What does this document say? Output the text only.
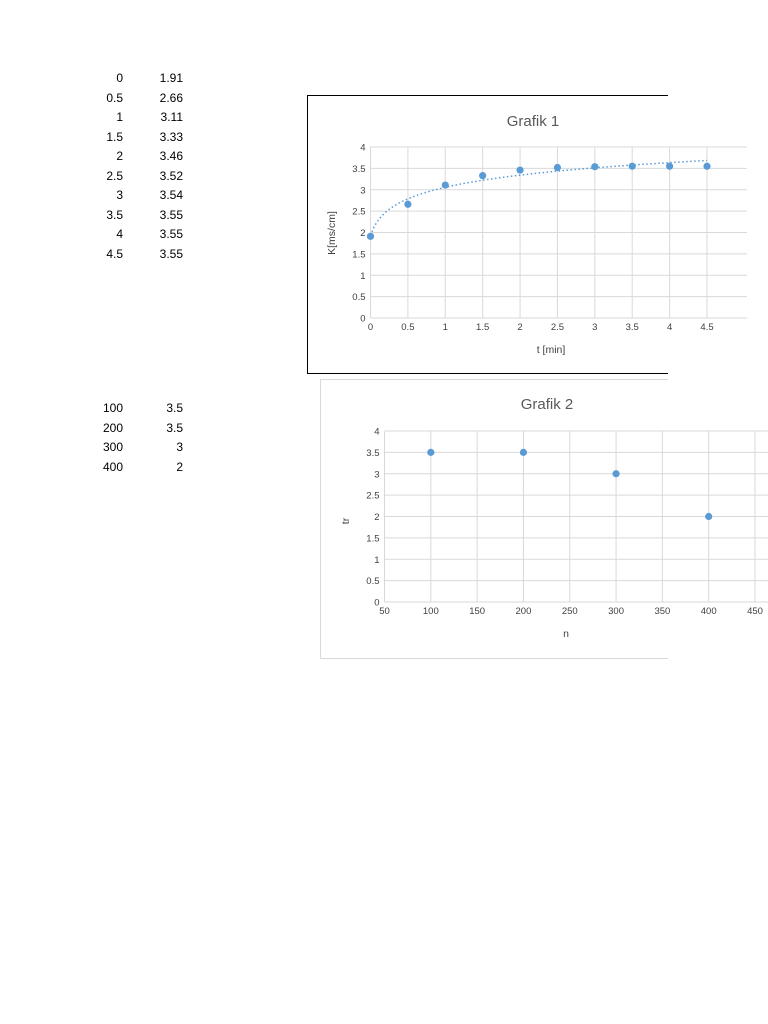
0	1.91
0.5	2.66
1	3.11
1.5	3.33
2	3.46
2.5	3.52
3	3.54
3.5	3.55
4	3.55
4.5	3.55
100	3.5
200	3.5
300	3
400	2
Grafik 1
0
0.5
1
1.5
2
2.5
3
3.5
4
0	0.5	1	1.5	2	2.5	3	3.5	4	4.5
t [min]
K[ms/cm]
Grafik 2
0
0.5
1
1.5
2
2.5
3
3.5
4
50	100	150	200	250	300	350	400	450
n
tr
